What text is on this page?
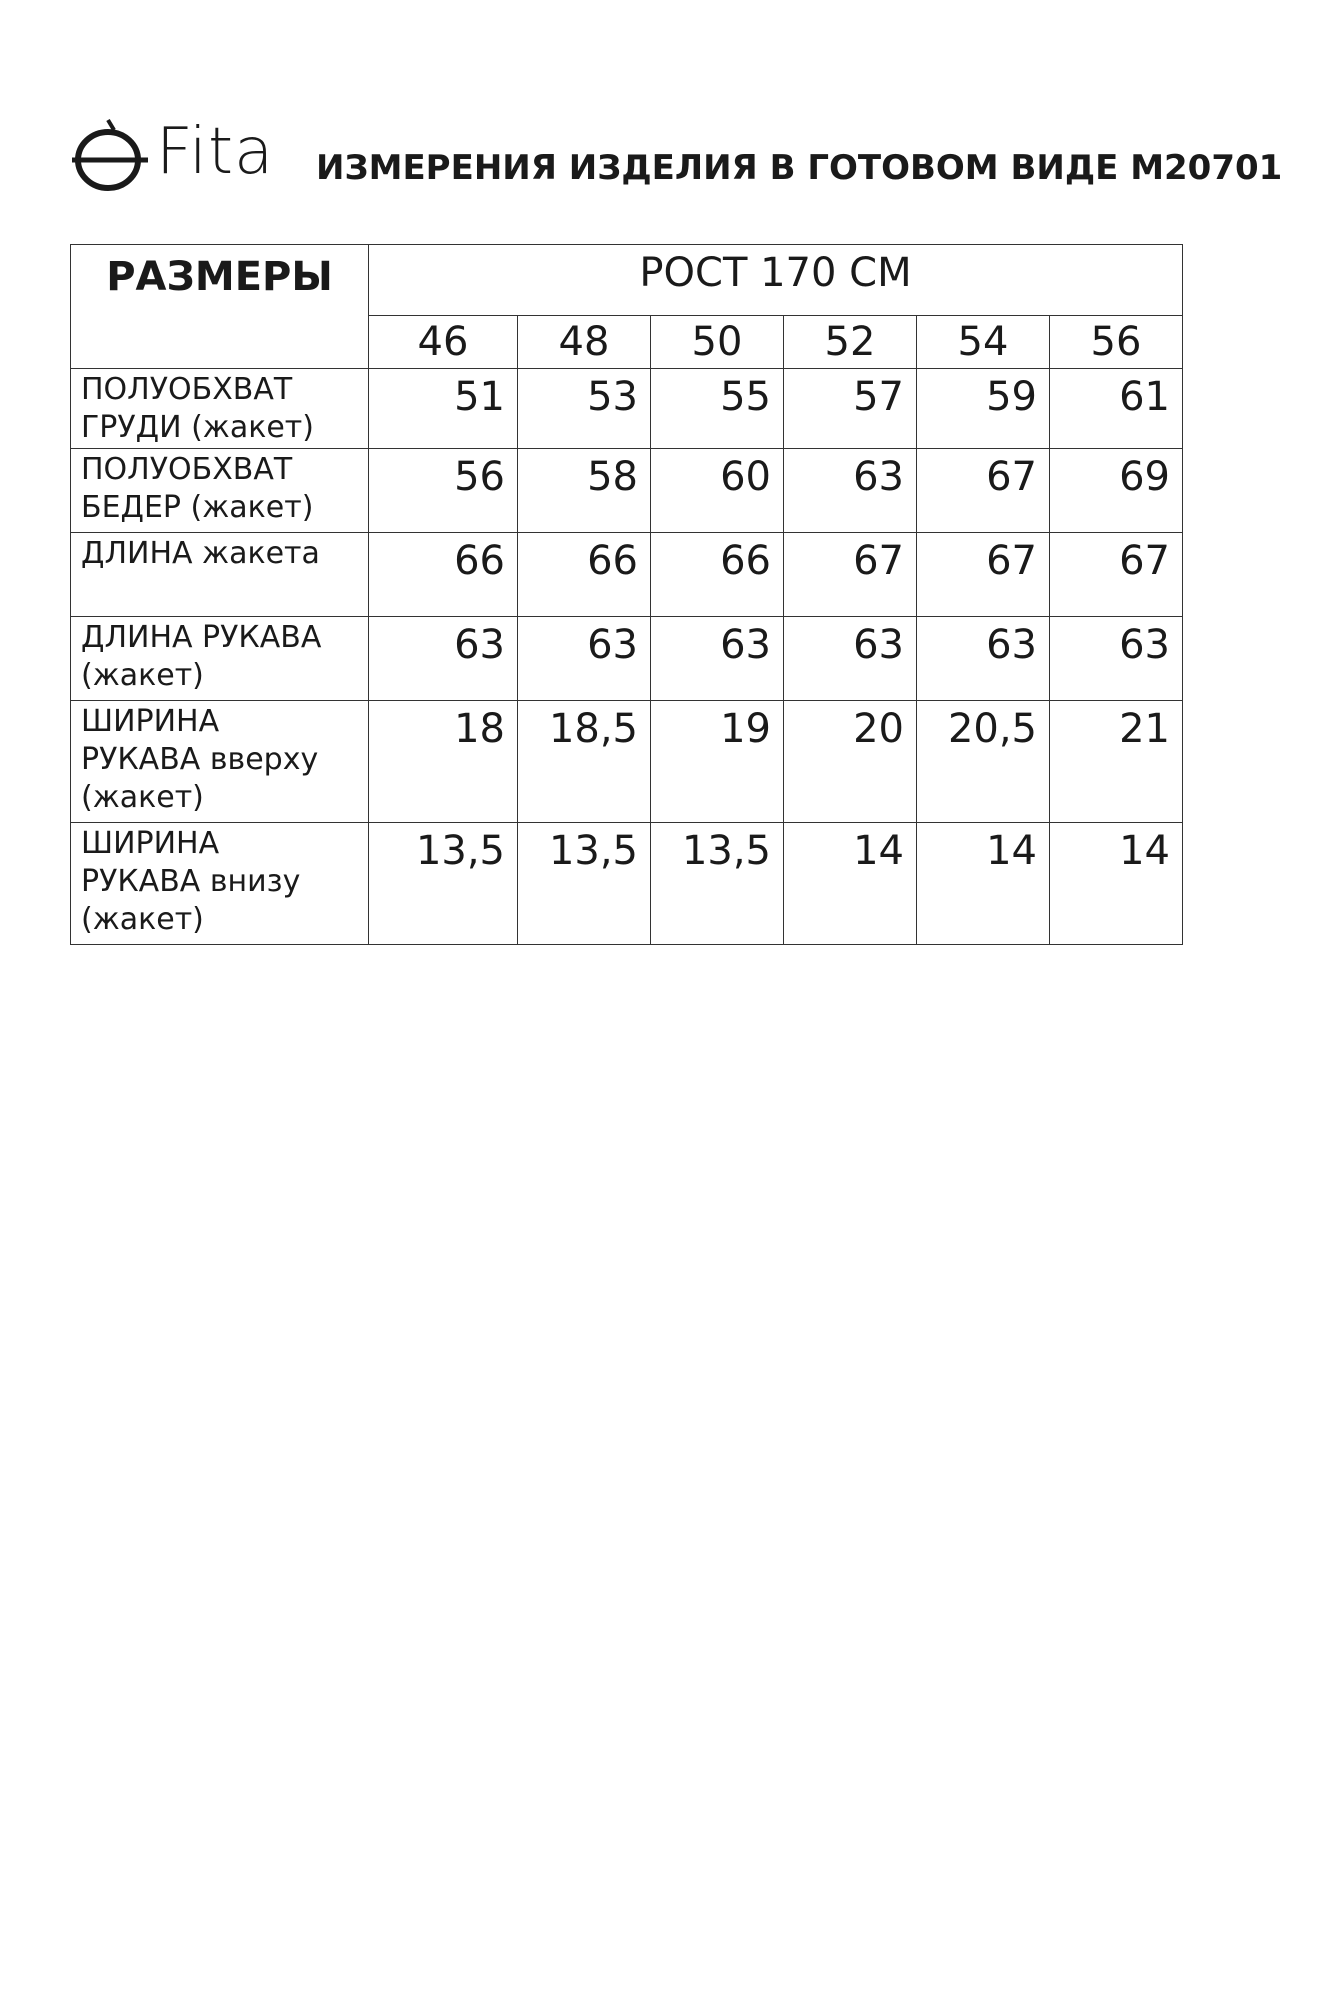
Fita ИЗМЕРЕНИЯ ИЗДЕЛИЯ В ГОТОВОМ ВИДЕ М20701
РАЗМЕРЫ	РОСТ 170 СМ					
	46	48	50	52	54	56

ПОЛУОБХВАТ
ГРУДИ (жакет)	51	53	55	57	59	61

ПОЛУОБХВАТ
БЕДЕР (жакет)	56	58	60	63	67	69

ДЛИНА жакета	66	66	66	67	67	67

ДЛИНА РУКАВА
(жакет)	63	63	63	63	63	63

ШИРИНА
РУКАВА вверху
(жакет)	18	18,5	19	20	20,5	21

ШИРИНА
РУКАВА внизу
(жакет)	13,5	13,5	13,5	14	14	14
